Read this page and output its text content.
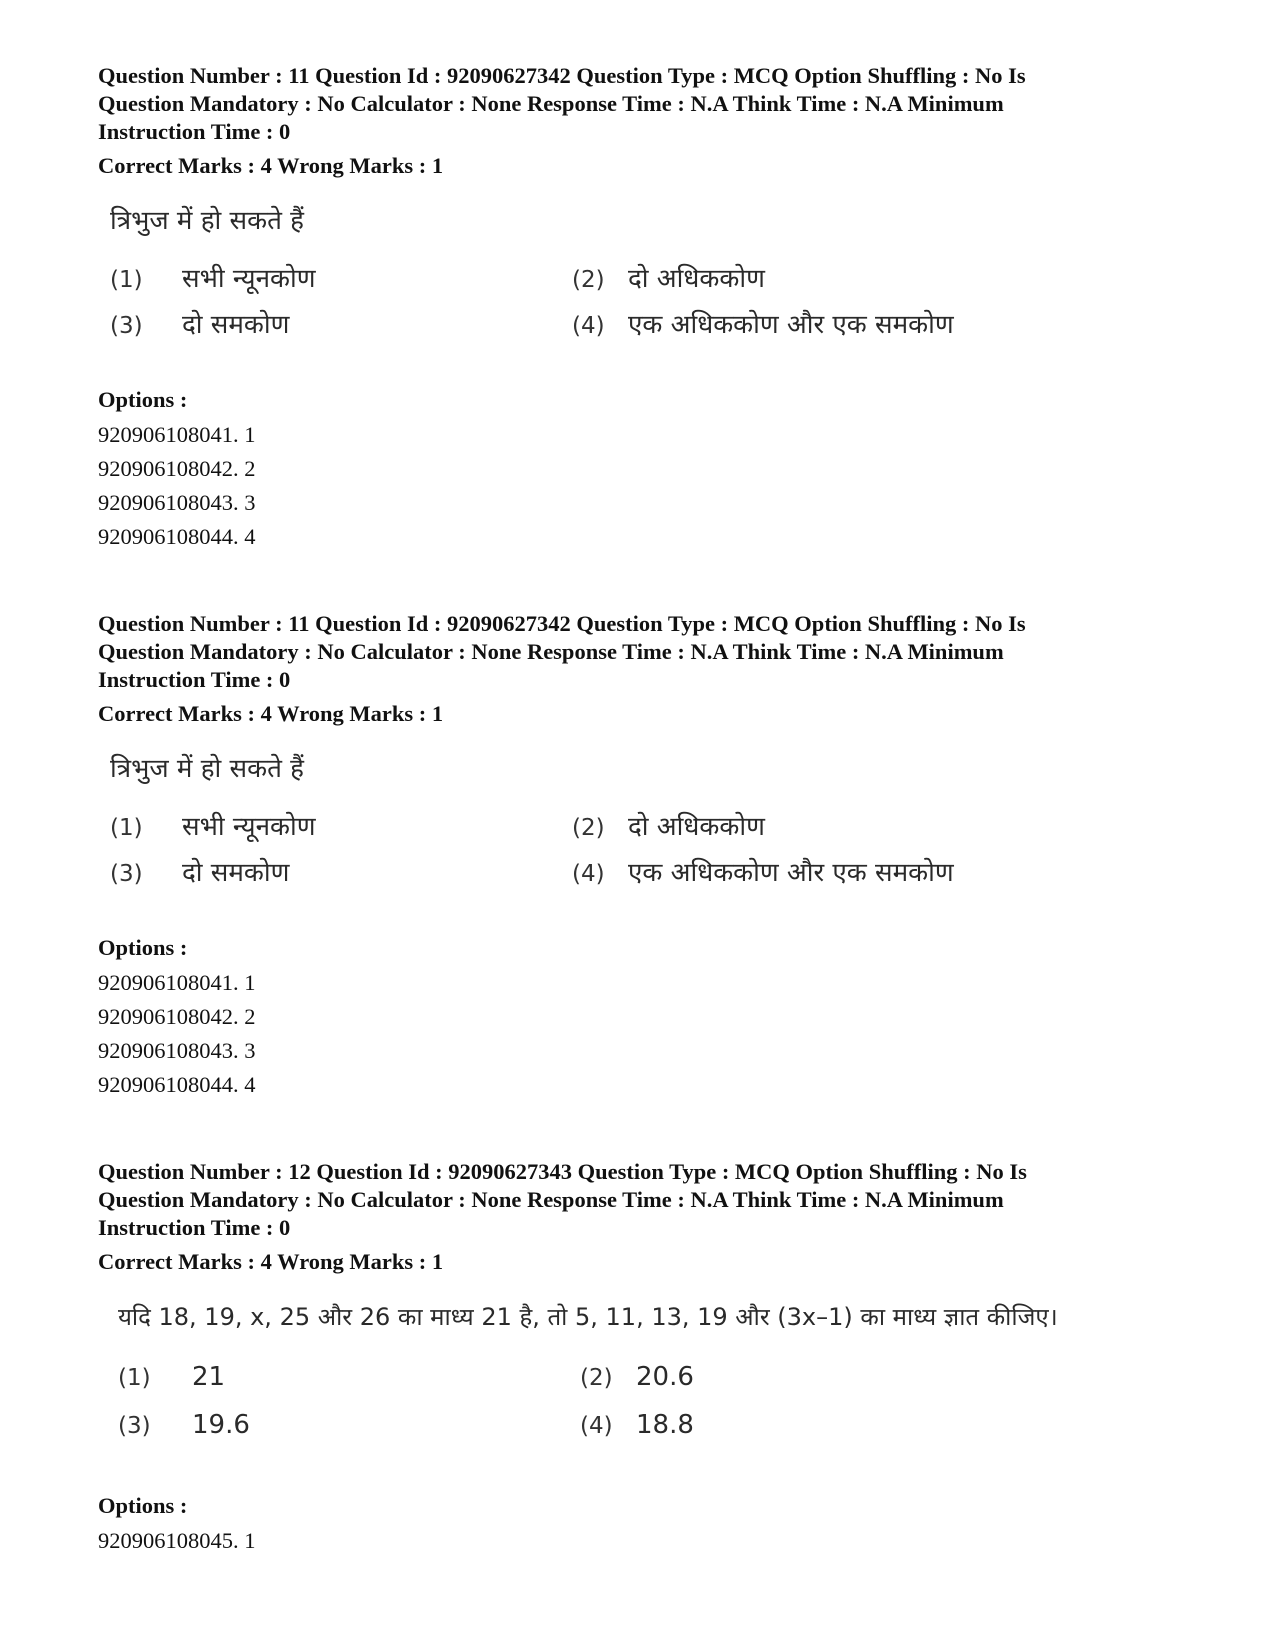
Question Number : 11 Question Id : 92090627342 Question Type : MCQ Option Shuffling : No Is

Question Mandatory : No Calculator : None Response Time : N.A Think Time : N.A Minimum

Instruction Time : 0

Correct Marks : 4 Wrong Marks : 1
त्रिभुज में हो सकते हैं
(1) सभी न्यूनकोण	(2) दो अधिककोण
(3) दो समकोण	(4) एक अधिककोण और एक समकोण
Options :
920906108041. 1
920906108042. 2
920906108043. 3
920906108044. 4

Question Number : 11 Question Id : 92090627342 Question Type : MCQ Option Shuffling : No Is

Question Mandatory : No Calculator : None Response Time : N.A Think Time : N.A Minimum

Instruction Time : 0

Correct Marks : 4 Wrong Marks : 1
त्रिभुज में हो सकते हैं
(1) सभी न्यूनकोण	(2) दो अधिककोण
(3) दो समकोण	(4) एक अधिककोण और एक समकोण
Options :
920906108041. 1
920906108042. 2
920906108043. 3
920906108044. 4

Question Number : 12 Question Id : 92090627343 Question Type : MCQ Option Shuffling : No Is

Question Mandatory : No Calculator : None Response Time : N.A Think Time : N.A Minimum

Instruction Time : 0

Correct Marks : 4 Wrong Marks : 1
यदि 18, 19, x, 25 और 26 का माध्य 21 है, तो 5, 11, 13, 19 और (3x–1) का माध्य ज्ञात कीजिए।
(1) 21	(2) 20.6
(3) 19.6	(4) 18.8
Options :
920906108045. 1
